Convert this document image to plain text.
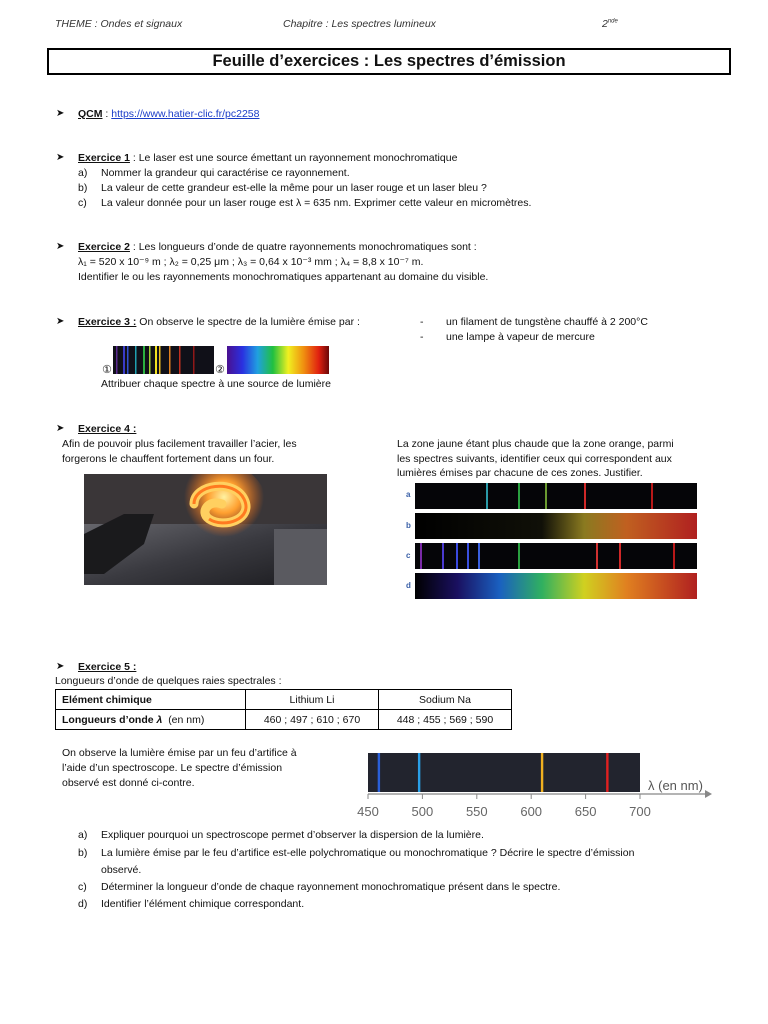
THEME : Ondes et signaux	Chapitre : Les spectres lumineux	2nde
Feuille d’exercices : Les spectres d’émission
➤ QCM : https://www.hatier-clic.fr/pc2258
➤ Exercice 1 : Le laser est une source émettant un rayonnement monochromatique
a) Nommer la grandeur qui caractérise ce rayonnement.
b) La valeur de cette grandeur est-elle la même pour un laser rouge et un laser bleu ?
c) La valeur donnée pour un laser rouge est λ = 635 nm. Exprimer cette valeur en micromètres.
➤ Exercice 2 : Les longueurs d’onde de quatre rayonnements monochromatiques sont :
λ₁ = 520 x 10⁻⁹ m ; λ₂ = 0,25 μm ; λ₃ = 0,64 x 10⁻³ mm ; λ₄ = 8,8 x 10⁻⁷ m.
Identifier le ou les rayonnements monochromatiques appartenant au domaine du visible.
➤ Exercice 3 : On observe le spectre de la lumière émise par :	- un filament de tungstène chauffé à 2 200°C
- une lampe à vapeur de mercure
①	②
Attribuer chaque spectre à une source de lumière
➤ Exercice 4 :
Afin de pouvoir plus facilement travailler l’acier, les
forgerons le chauffent fortement dans un four.
La zone jaune étant plus chaude que la zone orange, parmi
les spectres suivants, identifier ceux qui correspondent aux
lumières émises par chacune de ces zones. Justifier.
a
b
c
d
➤ Exercice 5 :
Longueurs d’onde de quelques raies spectrales :
Elément chimique	Lithium Li	Sodium Na
Longueurs d’onde λ (en nm)	460 ; 497 ; 610 ; 670	448 ; 455 ; 569 ; 590
On observe la lumière émise par un feu d’artifice à
l’aide d’un spectroscope. Le spectre d’émission
observé est donné ci-contre.	λ (en nm)
450	500	550	600	650	700
a) Expliquer pourquoi un spectroscope permet d’observer la dispersion de la lumière.
b) La lumière émise par le feu d’artifice est-elle polychromatique ou monochromatique ? Décrire le spectre d’émission
observé.
c) Déterminer la longueur d’onde de chaque rayonnement monochromatique présent dans le spectre.
d) Identifier l’élément chimique correspondant.
